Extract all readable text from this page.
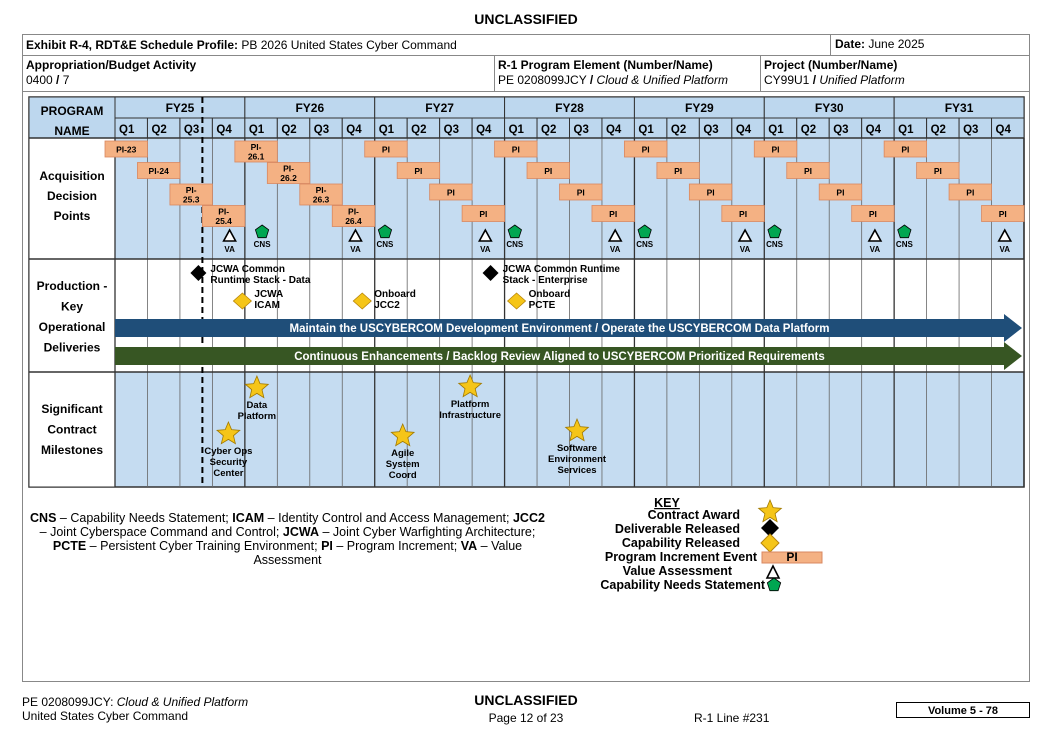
UNCLASSIFIED
Exhibit R-4, RDT&E Schedule Profile: PB 2026 United States Cyber Command	Date: June 2025
Appropriation/Budget Activity
0400 / 7
R-1 Program Element (Number/Name)
PE 0208099JCY / Cloud & Unified Platform
Project (Number/Name)
CY99U1 / Unified Platform
PROGRAM
NAME
FY25
Q1 Q2 Q3 Q4
FY26
Q1 Q2 Q3 Q4
FY27
Q1 Q2 Q3 Q4
FY28
Q1 Q2 Q3 Q4
FY29
Q1 Q2 Q3 Q4
FY30
Q1 Q2 Q3 Q4
FY31
Q1 Q2 Q3 Q4
Acquisition
Decision
Points
Production -
Key
Operational
Deliveries
Significant
Contract
Milestones
PI-23
PI-24
PI-
25.3
PI-
25.4
PI-
26.1
PI-
26.2
PI-
26.3
PI-
26.4
PI
PI
PI
PI
PI
PI
PI
PI
PI
PI
PI
PI
PI
PI
PI
PI
PI
PI
PI
PI
CNS	CNS	CNS	CNS	CNS	CNS
VA	VA	VA	VA	VA	VA	VA
JCWA Common
Runtime Stack - Data
JCWA Common Runtime
Stack - Enterprise
JCWA
ICAM
Onboard
JCC2
Onboard
PCTE
Maintain the USCYBERCOM Development Environment / Operate the USCYBERCOM Data Platform
Continuous Enhancements / Backlog Review Aligned to USCYBERCOM Prioritized Requirements
Cyber Ops
Security
Center
Data
Platform
Agile
System
Coord
Platform
Infrastructure
Software
Environment
Services
KEY
Contract Award
Deliverable Released
Capability Released
Program Increment Event PI
Value Assessment
Capability Needs Statement
CNS – Capability Needs Statement; ICAM – Identity Control and Access Management; JCC2 – Joint Cyberspace Command and Control; JCWA – Joint Cyber Warfighting Architecture; PCTE – Persistent Cyber Training Environment; PI – Program Increment; VA – Value Assessment
PE 0208099JCY: Cloud & Unified Platform
United States Cyber Command
UNCLASSIFIED
Page 12 of 23	R-1 Line #231	Volume 5 - 78
